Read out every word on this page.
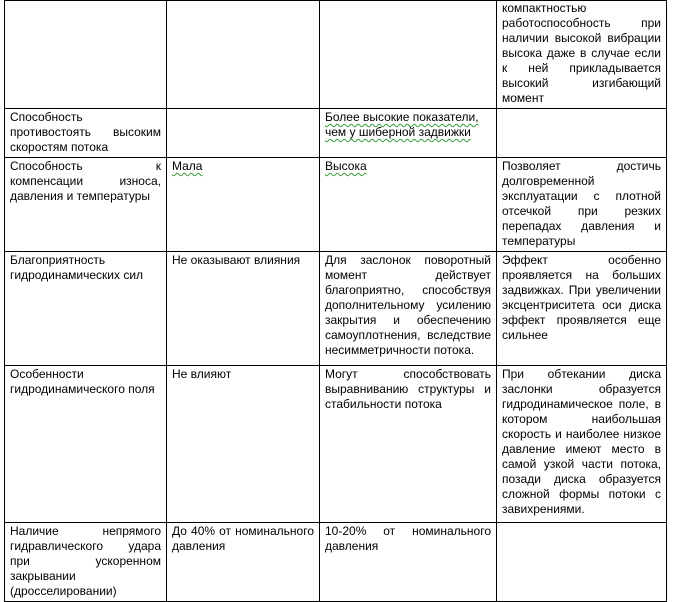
			компактностью работоспособность при наличии высокой вибрации высока даже в случае если к ней прикладывается высокий изгибающий момент
Способность противостоять высоким скоростям потока		Более высокие показатели, чем у шиберной задвижки	
Способность к компенсации износа, давления и температуры	Мала	Высока	Позволяет достичь долговременной эксплуатации с плотной отсечкой при резких перепадах давления и температуры
Благоприятность гидродинамических сил	Не оказывают влияния	Для заслонок поворотный момент действует благоприятно, способствуя дополнительному усилению закрытия и обеспечению самоуплотнения, вследствие несимметричности потока.	Эффект особенно проявляется на больших задвижках. При увеличении эксцентриситета оси диска эффект проявляется еще сильнее
Особенности гидродинамического поля	Не влияют	Могут способствовать выравниванию структуры и стабильности потока	При обтекании диска заслонки образуется гидродинамическое поле, в котором наибольшая скорость и наиболее низкое давление имеют место в самой узкой части потока, позади диска образуется сложной формы потоки с завихрениями.
Наличие непрямого гидравлического удара при ускоренном закрывании (дросселировании)	До 40% от номинального давления	10-20% от номинального давления	
